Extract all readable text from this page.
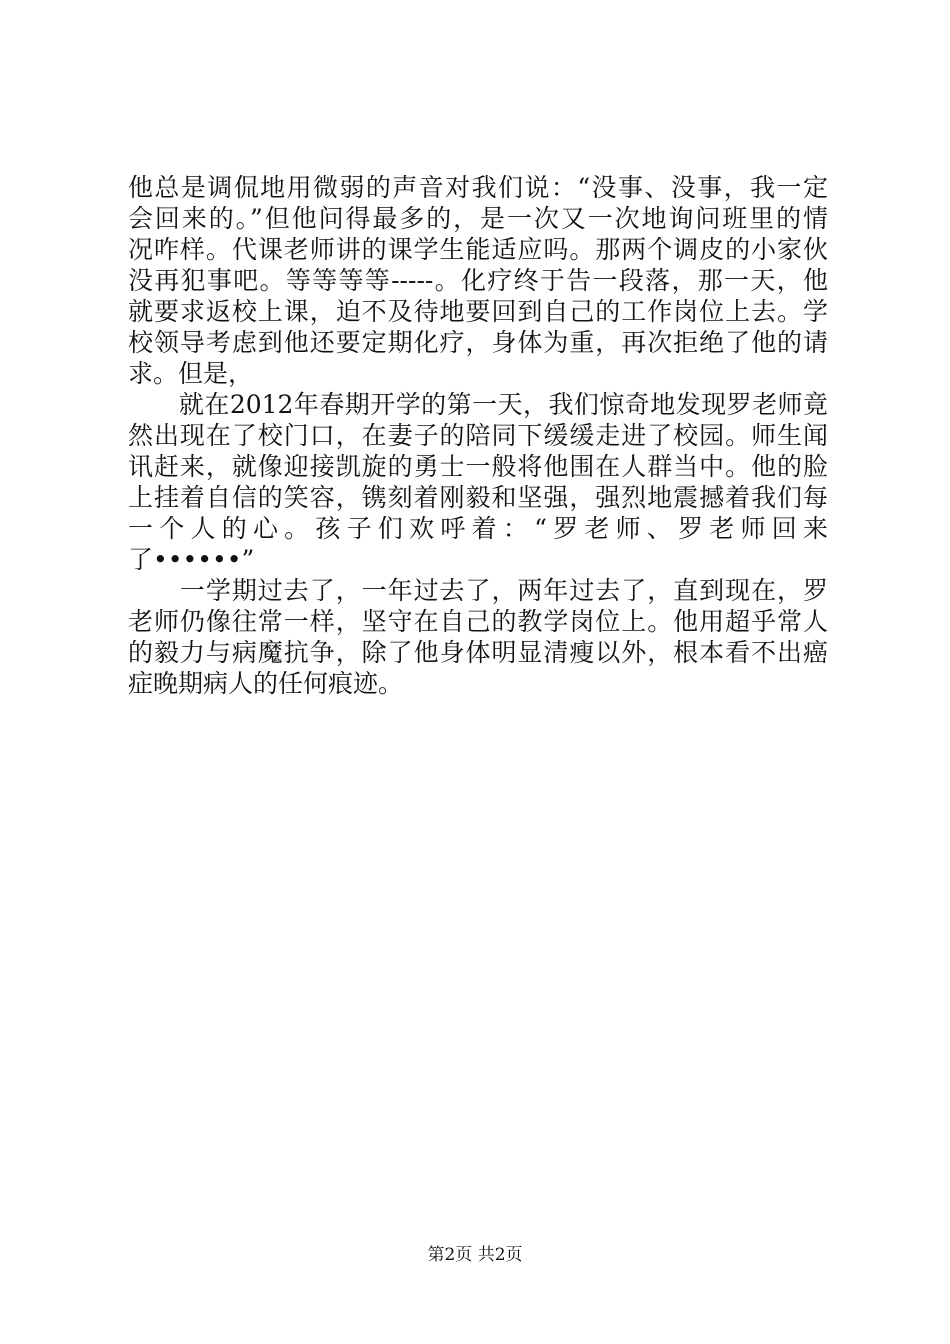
他总是调侃地用微弱的声音对我们说：“没事、没事，我一定
会回来的。”但他问得最多的，是一次又一次地询问班里的情
况咋样。代课老师讲的课学生能适应吗。那两个调皮的小家伙
没再犯事吧。等等等等-----。化疗终于告一段落，那一天，他
就要求返校上课，迫不及待地要回到自己的工作岗位上去。学
校领导考虑到他还要定期化疗，身体为重，再次拒绝了他的请
求。但是，
　　就在2012年春期开学的第一天，我们惊奇地发现罗老师竟
然出现在了校门口，在妻子的陪同下缓缓走进了校园。师生闻
讯赶来，就像迎接凯旋的勇士一般将他围在人群当中。他的脸
上挂着自信的笑容，镌刻着刚毅和坚强，强烈地震撼着我们每
一个人的心。孩子们欢呼着：“罗老师、罗老师回来
了••••••”
　　一学期过去了，一年过去了，两年过去了，直到现在，罗
老师仍像往常一样，坚守在自己的教学岗位上。他用超乎常人
的毅力与病魔抗争，除了他身体明显清瘦以外，根本看不出癌
症晚期病人的任何痕迹。
第2页 共2页
